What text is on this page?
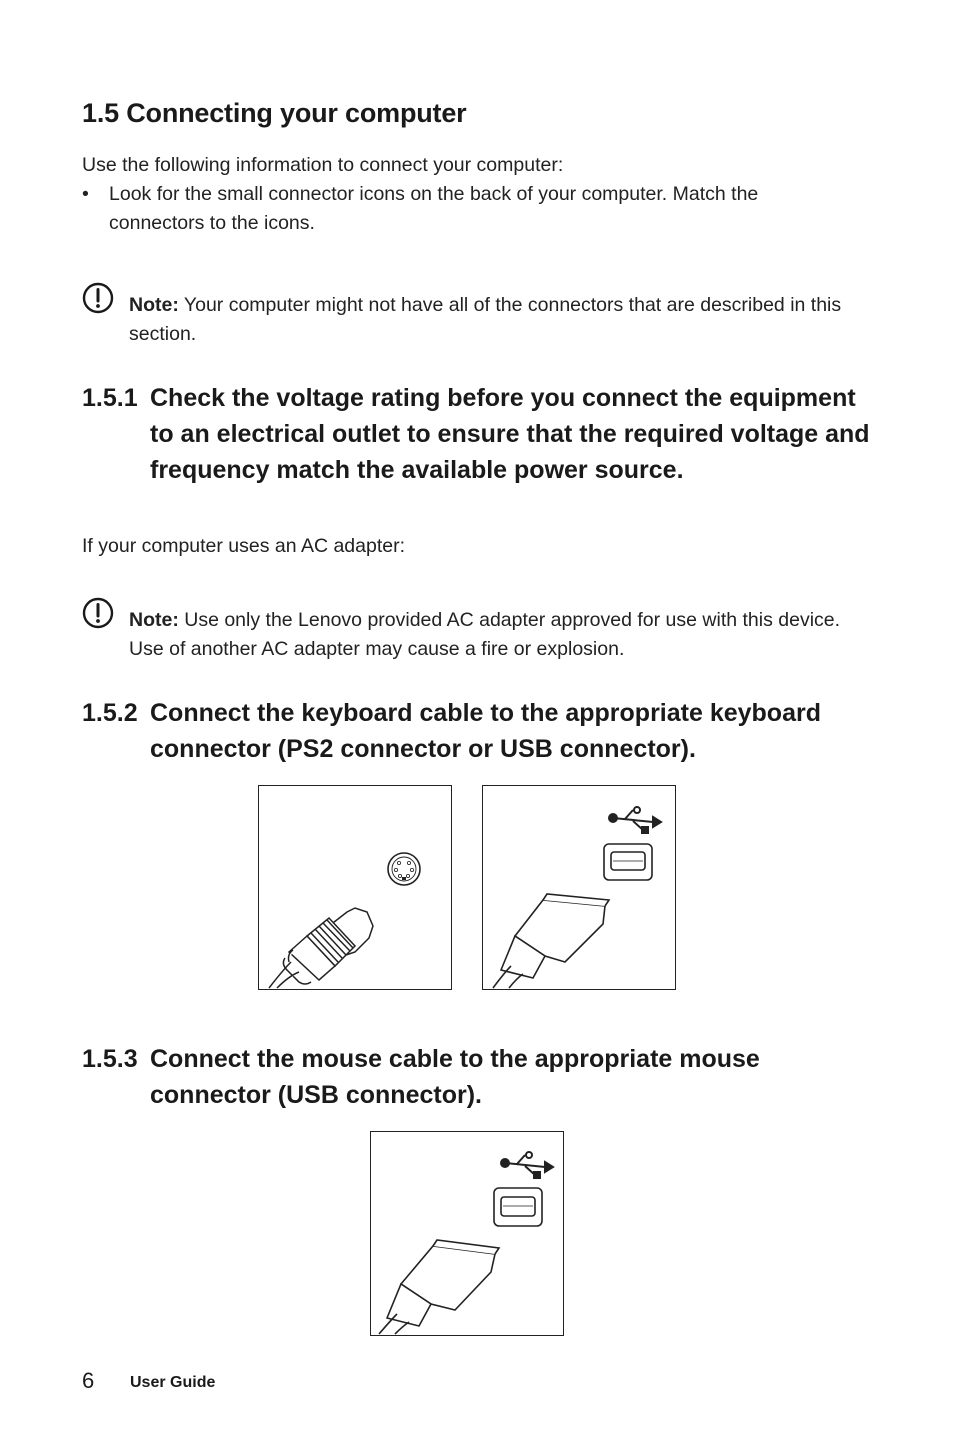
1.5 Connecting your computer
Use the following information to connect your computer:
• Look for the small connector icons on the back of your computer. Match the connectors to the icons.
Note: Your computer might not have all of the connectors that are described in this section.
1.5.1 Check the voltage rating before you connect the equipment to an electrical outlet to ensure that the required voltage and frequency match the available power source.
If your computer uses an AC adapter:
Note: Use only the Lenovo provided AC adapter approved for use with this device. Use of another AC adapter may cause a fire or explosion.
1.5.2 Connect the keyboard cable to the appropriate keyboard connector (PS2 connector or USB connector).
1.5.3 Connect the mouse cable to the appropriate mouse connector (USB connector).
6 User Guide
